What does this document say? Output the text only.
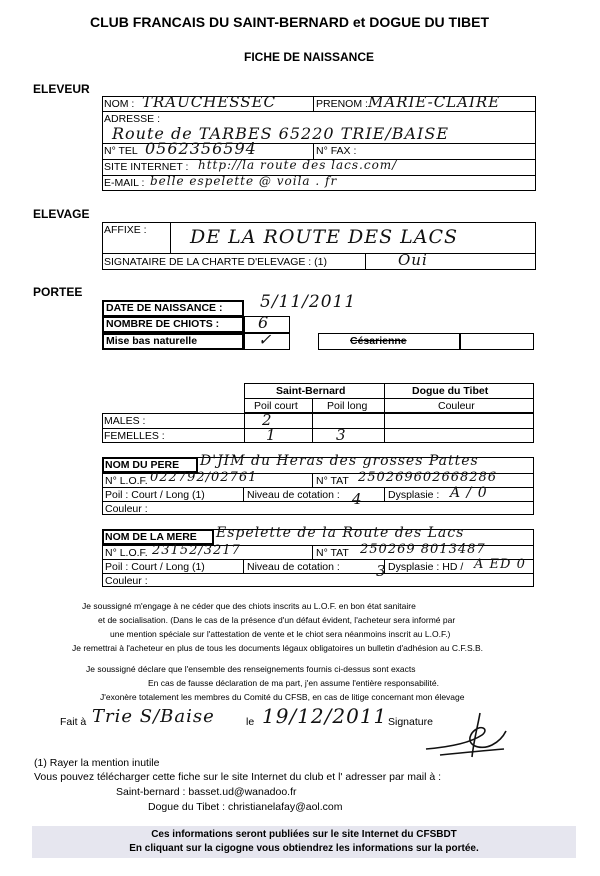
CLUB FRANCAIS DU SAINT-BERNARD et DOGUE DU TIBET
FICHE DE NAISSANCE
ELEVEUR
NOM : TRAUCHESSEC	PRENOM : MARIE-CLAIRE
ADRESSE :
Route de TARBES 65220 TRIE/BAISE
N° TEL 0562356594	N° FAX :
SITE INTERNET : http://la route des lacs.com/
E-MAIL : belle espelette @ voila . fr
ELEVAGE
AFFIXE : DE LA ROUTE DES LACS
SIGNATAIRE DE LA CHARTE D'ELEVAGE : (1)	Oui
PORTEE
DATE DE NAISSANCE : 5/11/2011
NOMBRE DE CHIOTS : 6
Mise bas naturelle	✓	Césarienne
Saint-Bernard	Dogue du Tibet
Poil court	Poil long	Couleur
MALES :	2
FEMELLES :	1	3
NOM DU PERE D'JIM du Heras des grosses Pattes
N° L.O.F. 022792/02761	N° TAT 250269602668286
Poil : Court / Long (1)	Niveau de cotation : 4 Dysplasie : A / 0
Couleur :
NOM DE LA MERE Espelette de la Route des Lacs
N° L.O.F. 23152/3217	N° TAT 250269 8013487
Poil : Court / Long (1)	Niveau de cotation : 3 Dysplasie : HD / A ED 0
Couleur :
Je soussigné m'engage à ne céder que des chiots inscrits au L.O.F. en bon état sanitaire
et de socialisation. (Dans le cas de la présence d'un défaut évident, l'acheteur sera informé par
une mention spéciale sur l'attestation de vente et le chiot sera néanmoins inscrit au L.O.F.)
Je remettrai à l'acheteur en plus de tous les documents légaux obligatoires un bulletin d'adhésion au C.F.S.B.
Je soussigné déclare que l'ensemble des renseignements fournis ci-dessus sont exacts
En cas de fausse déclaration de ma part, j'en assume l'entière responsabilité.
J'exonère totalement les membres du Comité du CFSB, en cas de litige concernant mon élevage
Fait à Trie S/Baise	le 19/12/2011 Signature
(1) Rayer la mention inutile
Vous pouvez télécharger cette fiche sur le site Internet du club et l' adresser par mail à :
Saint-bernard : basset.ud@wanadoo.fr
Dogue du Tibet : christianelafay@aol.com
Ces informations seront publiées sur le site Internet du CFSBDT
En cliquant sur la cigogne vous obtiendrez les informations sur la portée.
